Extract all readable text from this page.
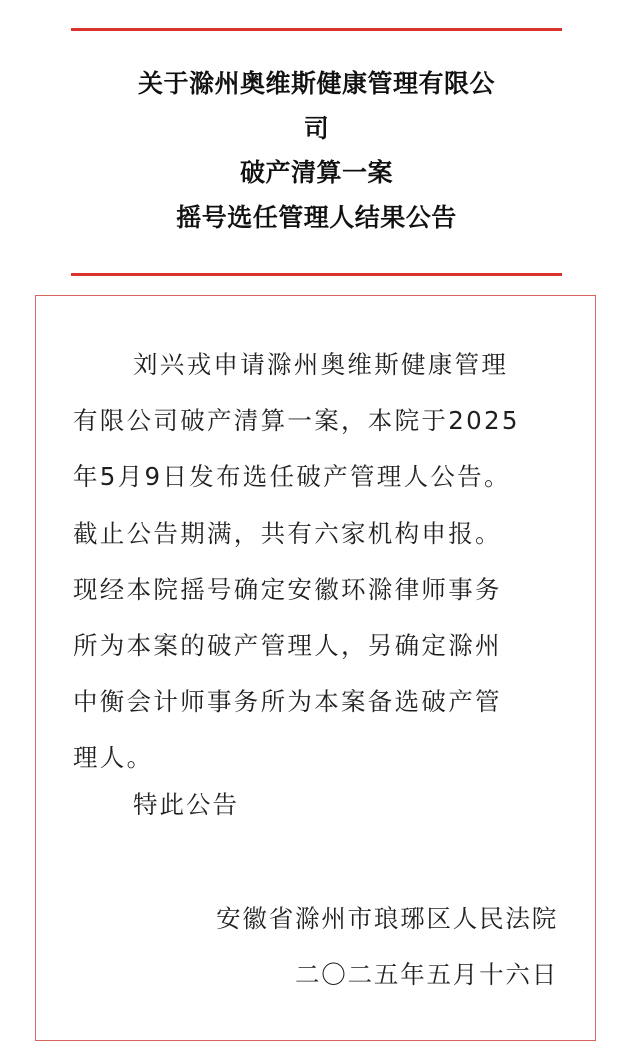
关于滁州奥维斯健康管理有限公
司
破产清算一案
摇号选任管理人结果公告

刘兴戎申请滁州奥维斯健康管理
有限公司破产清算一案，本院于2025
年5月9日发布选任破产管理人公告。
截止公告期满，共有六家机构申报。
现经本院摇号确定安徽环滁律师事务
所为本案的破产管理人，另确定滁州
中衡会计师事务所为本案备选破产管
理人。

特此公告
安徽省滁州市琅琊区人民法院
二〇二五年五月十六日
